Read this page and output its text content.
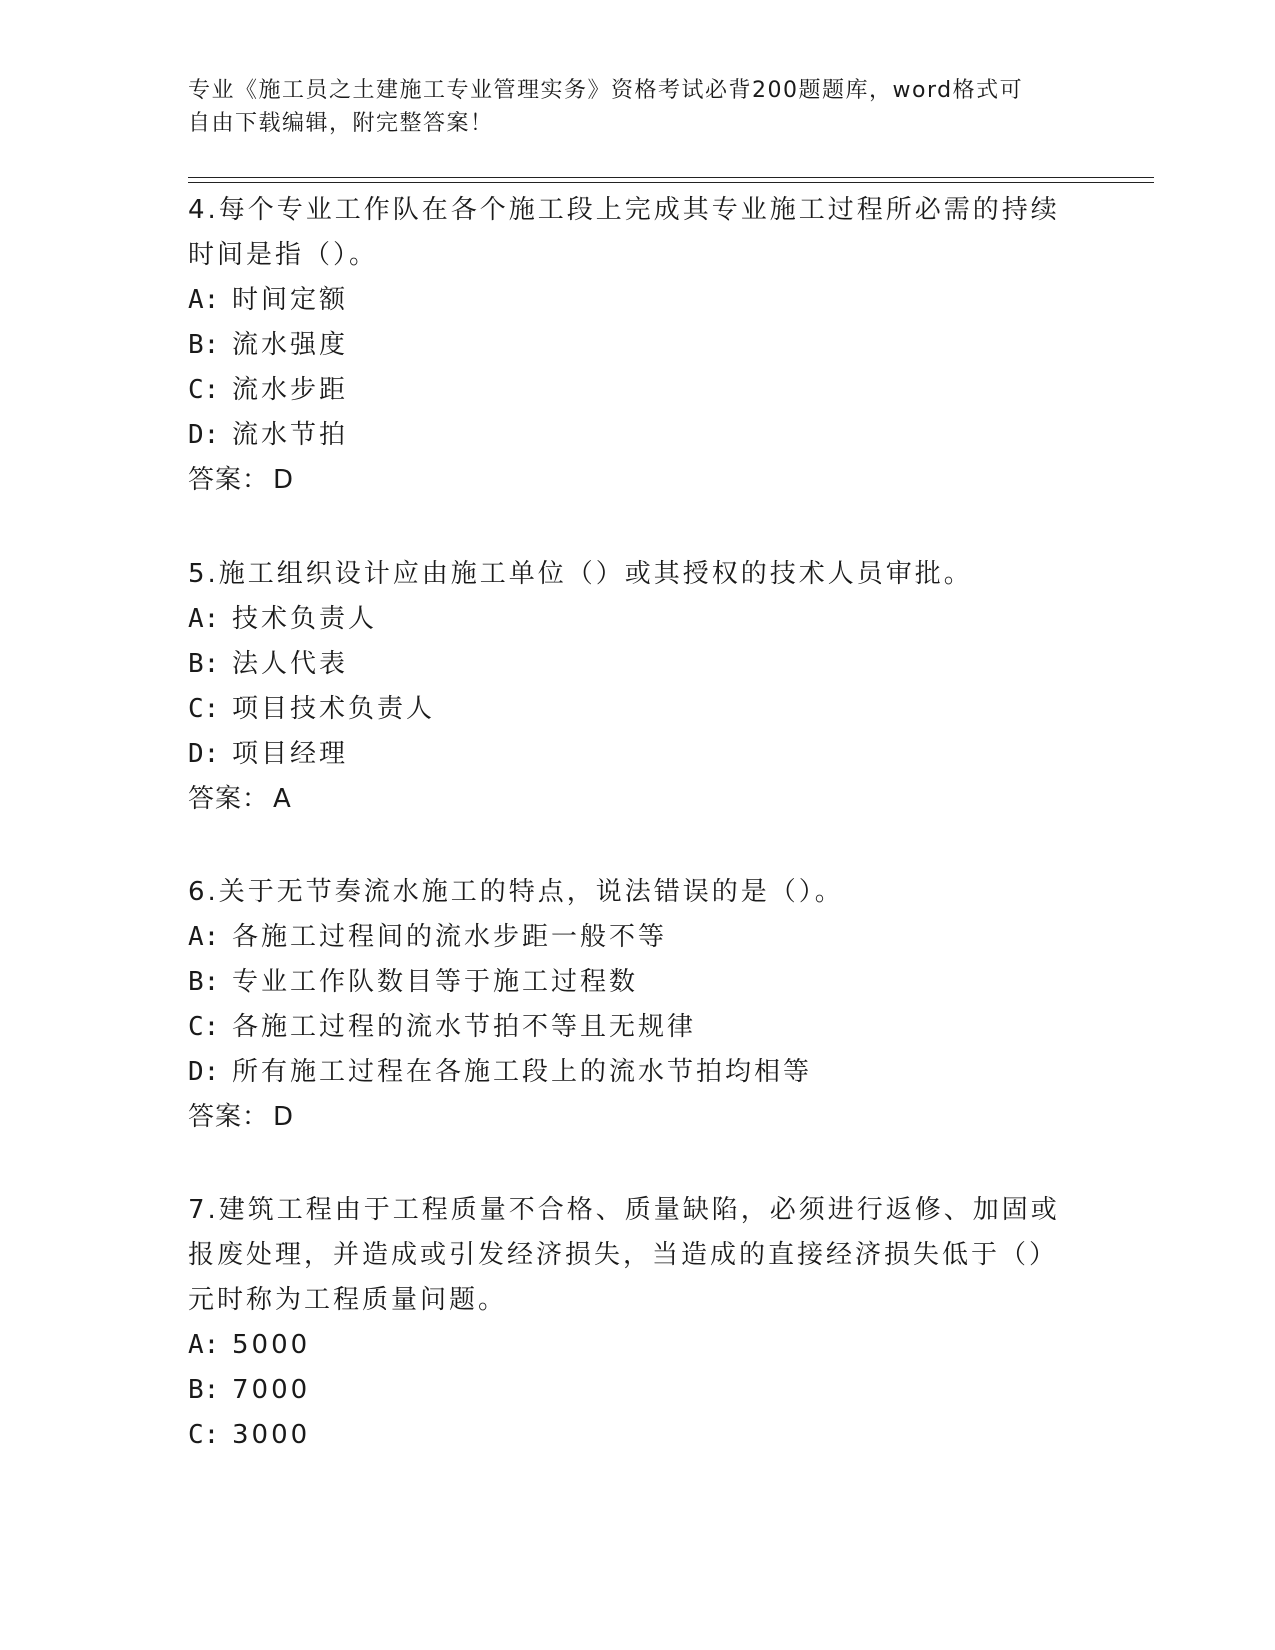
专业《施工员之土建施工专业管理实务》资格考试必背200题题库，word格式可
自由下载编辑，附完整答案！
4.每个专业工作队在各个施工段上完成其专业施工过程所必需的持续
时间是指（）。
A: 时间定额
B: 流水强度
C: 流水步距
D: 流水节拍
答案： D
5.施工组织设计应由施工单位（）或其授权的技术人员审批。
A: 技术负责人
B: 法人代表
C: 项目技术负责人
D: 项目经理
答案： A
6.关于无节奏流水施工的特点，说法错误的是（）。
A: 各施工过程间的流水步距一般不等
B: 专业工作队数目等于施工过程数
C: 各施工过程的流水节拍不等且无规律
D: 所有施工过程在各施工段上的流水节拍均相等
答案： D
7.建筑工程由于工程质量不合格、质量缺陷，必须进行返修、加固或
报废处理，并造成或引发经济损失，当造成的直接经济损失低于（）
元时称为工程质量问题。
A: 5000
B: 7000
C: 3000
